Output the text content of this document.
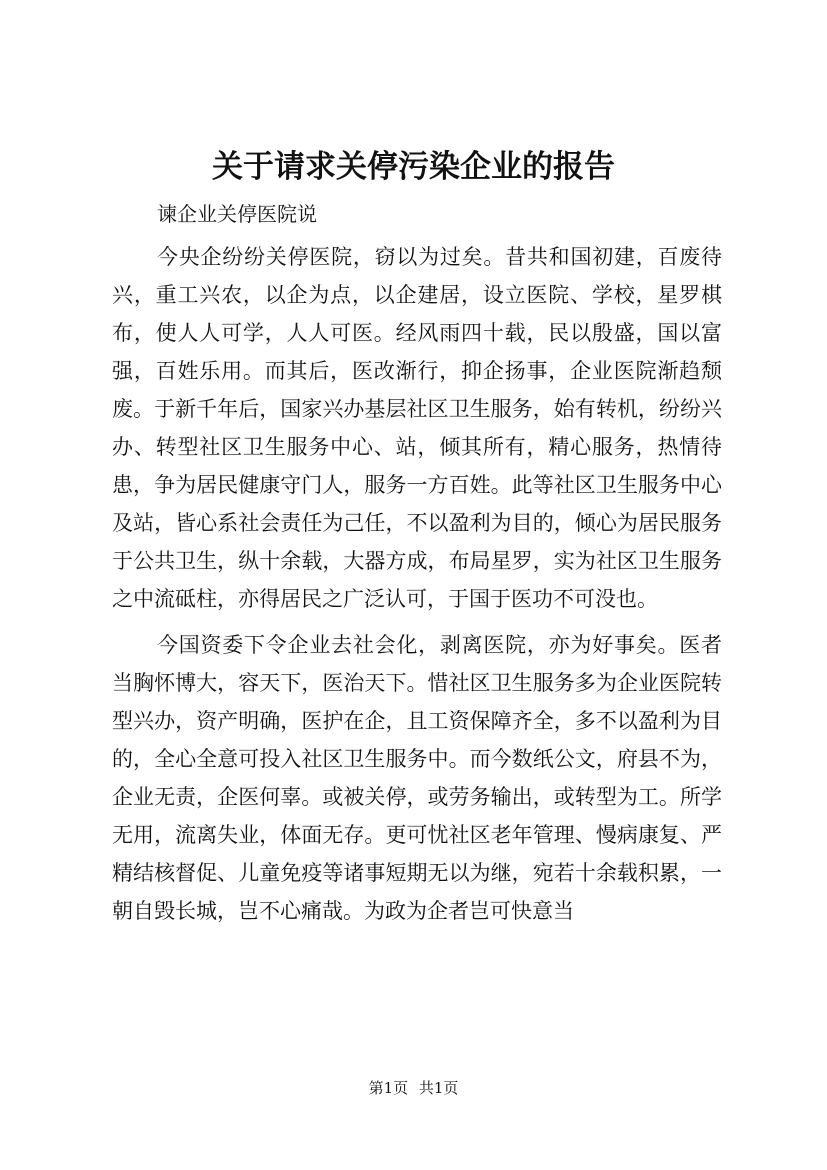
关于请求关停污染企业的报告

谏企业关停医院说

今央企纷纷关停医院，窃以为过矣。昔共和国初建，百废待兴，重工兴农，以企为点，以企建居，设立医院、学校，星罗棋布，使人人可学，人人可医。经风雨四十载，民以殷盛，国以富强，百姓乐用。而其后，医改渐行，抑企扬事，企业医院渐趋颓废。于新千年后，国家兴办基层社区卫生服务，始有转机，纷纷兴办、转型社区卫生服务中心、站，倾其所有，精心服务，热情待患，争为居民健康守门人，服务一方百姓。此等社区卫生服务中心及站，皆心系社会责任为己任，不以盈利为目的，倾心为居民服务于公共卫生，纵十余载，大器方成，布局星罗，实为社区卫生服务之中流砥柱，亦得居民之广泛认可，于国于医功不可没也。

今国资委下令企业去社会化，剥离医院，亦为好事矣。医者当胸怀博大，容天下，医治天下。惜社区卫生服务多为企业医院转型兴办，资产明确，医护在企，且工资保障齐全，多不以盈利为目的，全心全意可投入社区卫生服务中。而今数纸公文，府县不为，企业无责，企医何辜。或被关停，或劳务输出，或转型为工。所学无用，流离失业，体面无存。更可忧社区老年管理、慢病康复、严精结核督促、儿童免疫等诸事短期无以为继，宛若十余载积累，一朝自毁长城，岂不心痛哉。为政为企者岂可快意当

第1页 共1页
